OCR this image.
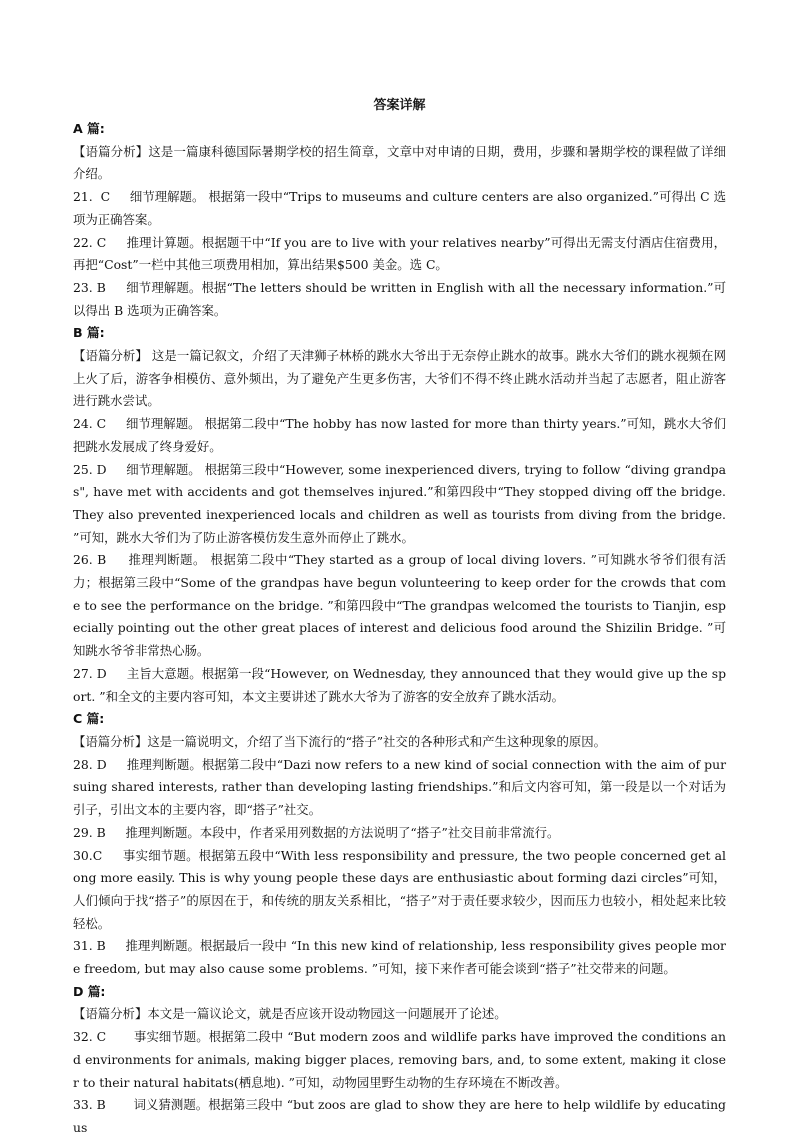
答案详解
A 篇:

【语篇分析】这是一篇康科德国际暑期学校的招生简章，文章中对申请的日期，费用，步骤和暑期学校的课程做了详细介绍。

21.  C     细节理解题。 根据第一段中“Trips to museums and culture centers are also organized.”可得出 C 选项为正确答案。

22. C     推理计算题。根据题干中“If you are to live with your relatives nearby”可得出无需支付酒店住宿费用，再把“Cost”一栏中其他三项费用相加，算出结果$500 美金。选 C。

23. B     细节理解题。根据“The letters should be written in English with all the necessary information.”可以得出 B 选项为正确答案。

B 篇:

【语篇分析】 这是一篇记叙文，介绍了天津狮子林桥的跳水大爷出于无奈停止跳水的故事。跳水大爷们的跳水视频在网上火了后，游客争相模仿、意外频出，为了避免产生更多伤害，大爷们不得不终止跳水活动并当起了志愿者，阻止游客进行跳水尝试。

24. C     细节理解题。 根据第二段中“The hobby has now lasted for more than thirty years.”可知，跳水大爷们把跳水发展成了终身爱好。

25. D     细节理解题。 根据第三段中“However, some inexperienced divers, trying to follow “diving grandpas", have met with accidents and got themselves injured.”和第四段中“They stopped diving off the bridge. They also prevented inexperienced locals and children as well as tourists from diving from the bridge. ”可知，跳水大爷们为了防止游客模仿发生意外而停止了跳水。

26. B     推理判断题。 根据第二段中“They started as a group of local diving lovers. ”可知跳水爷爷们很有活力；根据第三段中“Some of the grandpas have begun volunteering to keep order for the crowds that come to see the performance on the bridge. ”和第四段中“The grandpas welcomed the tourists to Tianjin, especially pointing out the other great places of interest and delicious food around the Shizilin Bridge. ”可知跳水爷爷非常热心肠。

27. D     主旨大意题。根据第一段“However, on Wednesday, they announced that they would give up the sport. ”和全文的主要内容可知，本文主要讲述了跳水大爷为了游客的安全放弃了跳水活动。

C 篇:

【语篇分析】这是一篇说明文，介绍了当下流行的“搭子”社交的各种形式和产生这种现象的原因。

28. D     推理判断题。根据第二段中“Dazi now refers to a new kind of social connection with the aim of pursuing shared interests, rather than developing lasting friendships.”和后文内容可知，第一段是以一个对话为引子，引出文本的主要内容，即“搭子”社交。

29. B     推理判断题。本段中，作者采用列数据的方法说明了“搭子”社交目前非常流行。

30.C     事实细节题。根据第五段中“With less responsibility and pressure, the two people concerned get along more easily. This is why young people these days are enthusiastic about forming dazi circles”可知，人们倾向于找“搭子”的原因在于，和传统的朋友关系相比，“搭子”对于责任要求较少，因而压力也较小，相处起来比较轻松。

31. B     推理判断题。根据最后一段中 “In this new kind of relationship, less responsibility gives people more freedom, but may also cause some problems. ”可知，接下来作者可能会谈到“搭子”社交带来的问题。

D 篇:

【语篇分析】本文是一篇议论文，就是否应该开设动物园这一问题展开了论述。

32. C       事实细节题。根据第二段中 “But modern zoos and wildlife parks have improved the conditions and environments for animals, making bigger places, removing bars, and, to some extent, making it closer to their natural habitats(栖息地). ”可知，动物园里野生动物的生存环境在不断改善。

33. B       词义猜测题。根据第三段中 “but zoos are glad to show they are here to help wildlife by educating us
